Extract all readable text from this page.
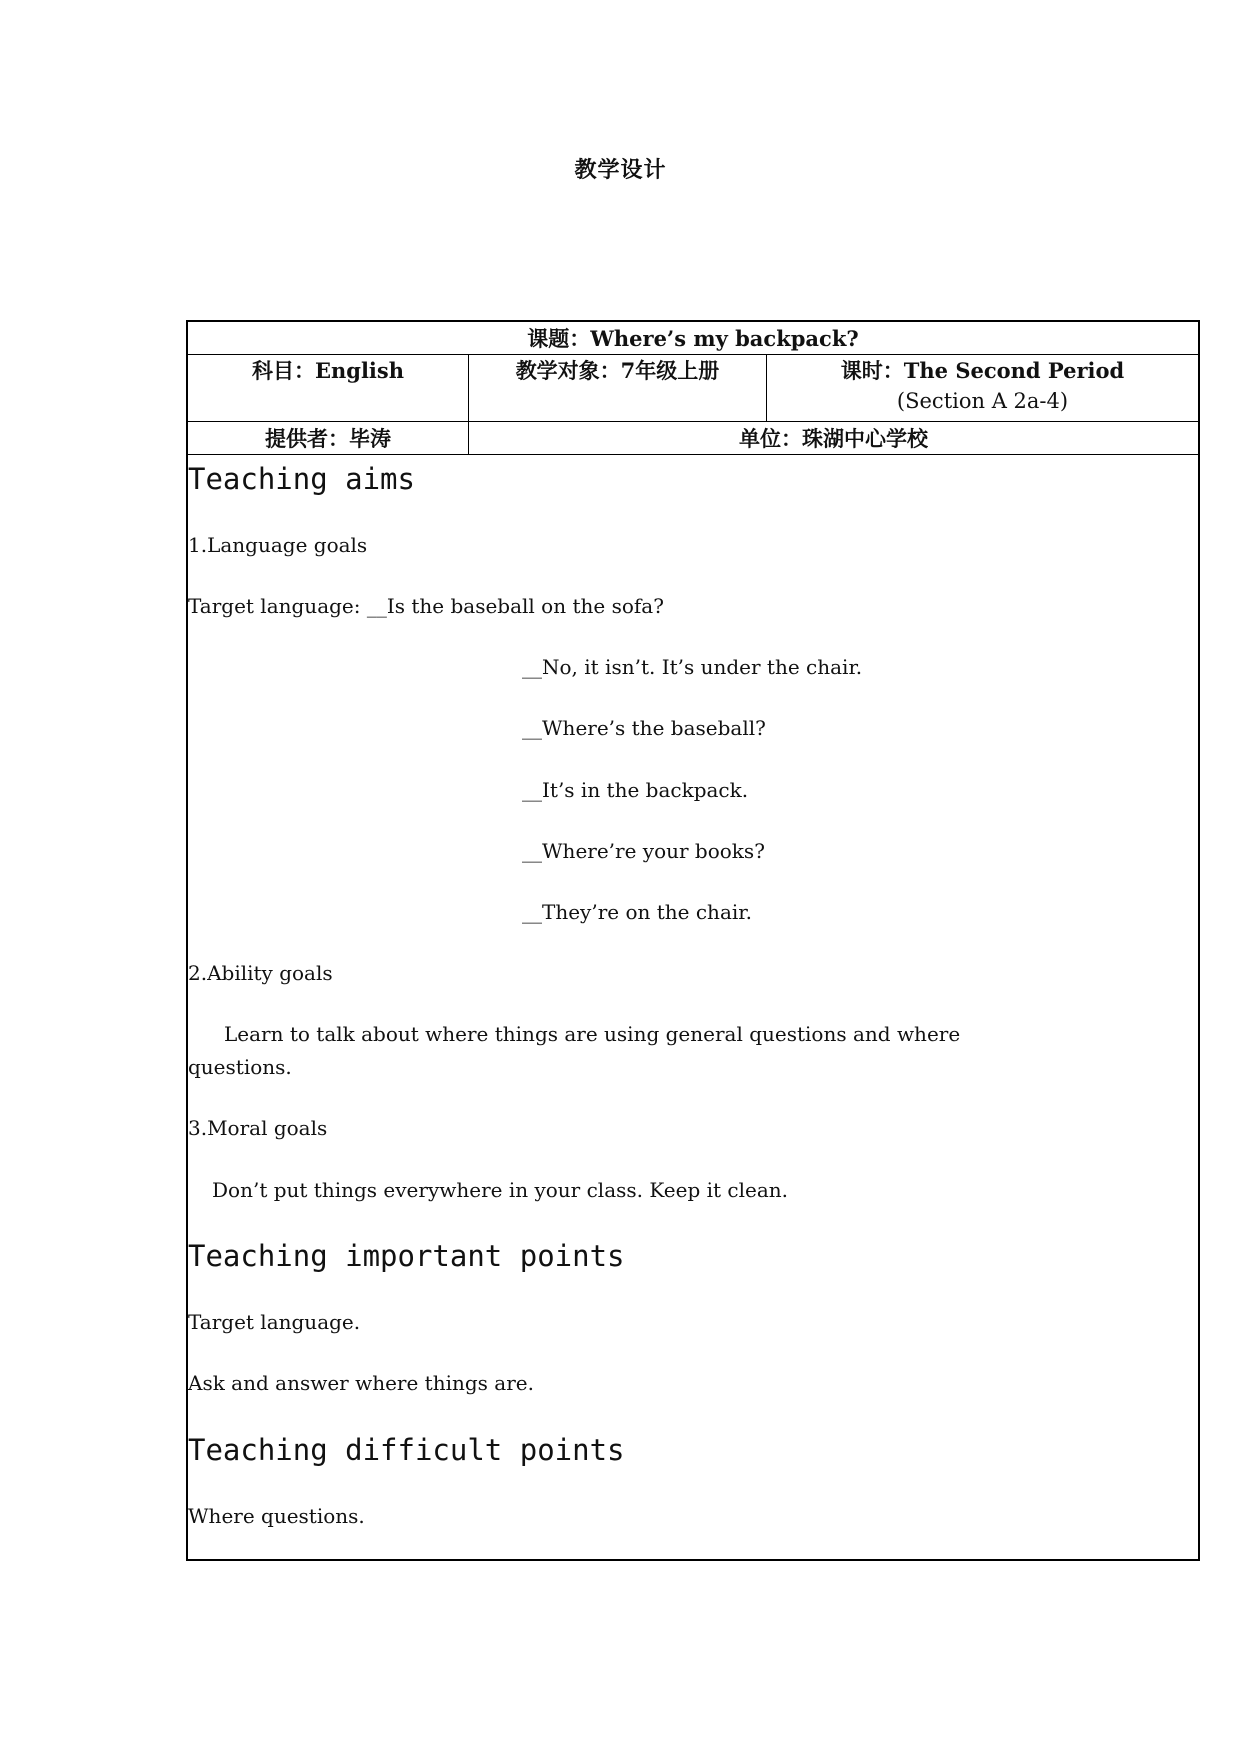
教学设计
课题：Where’s my backpack?
科目：English	教学对象：7年级上册	课时：The Second Period
(Section A 2a-4)
提供者：毕涛	单位：珠湖中心学校
Teaching aims

1.Language goals

Target language: __Is the baseball on the sofa?

__No, it isn’t. It’s under the chair.

__Where’s the baseball?

__It’s in the backpack.

__Where’re your books?

__They’re on the chair.

2.Ability goals

Learn to talk about where things are using general questions and where

questions.

3.Moral goals

Don’t put things everywhere in your class. Keep it clean.

Teaching important points

Target language.

Ask and answer where things are.

Teaching difficult points

Where questions.
